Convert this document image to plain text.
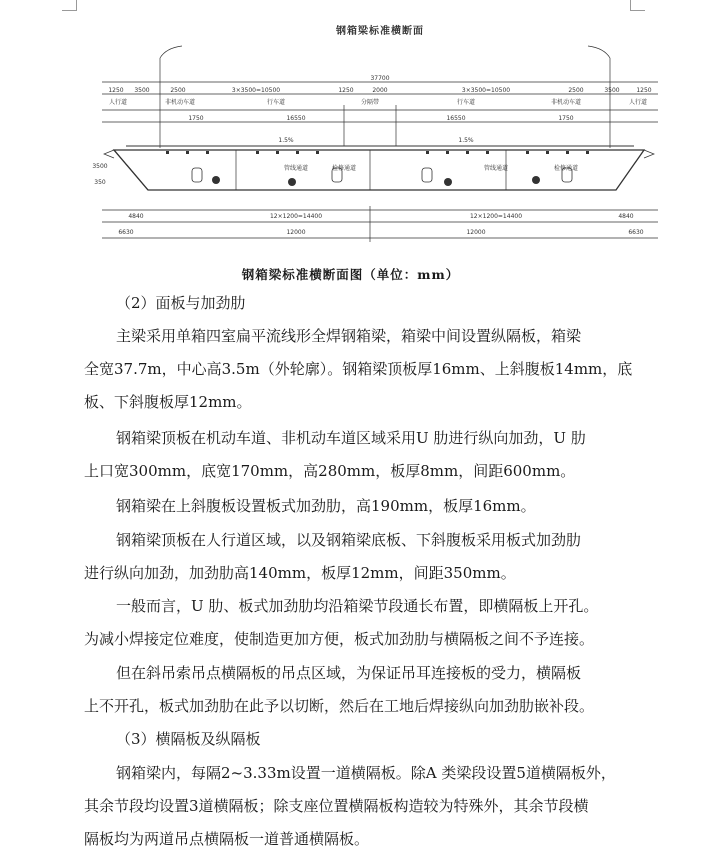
钢箱梁标准横断面
37700
1250 3500	2500	3×3500=10500	1250	2000	3×3500=10500	2500	3500	1250
人行道	非机动车道	行车道	分隔带	行车道	非机动车道	人行道
1750	16550	16550	1750
1.5%	1.5%
管线通道	检修通道	管线通道	检修通道
4840	12×1200=14400	12×1200=14400	4840
6630	12000	12000	6630
3500
350
钢箱梁标准横断面图（单位：mm）

（2）面板与加劲肋

主梁采用单箱四室扁平流线形全焊钢箱梁，箱梁中间设置纵隔板，箱梁
全宽37.7m，中心高3.5m（外轮廓）。钢箱梁顶板厚16mm、上斜腹板14mm，底
板、下斜腹板厚12mm。
钢箱梁顶板在机动车道、非机动车道区域采用U 肋进行纵向加劲，U 肋
上口宽300mm，底宽170mm，高280mm，板厚8mm，间距600mm。
钢箱梁在上斜腹板设置板式加劲肋，高190mm，板厚16mm。
钢箱梁顶板在人行道区域，以及钢箱梁底板、下斜腹板采用板式加劲肋
进行纵向加劲，加劲肋高140mm，板厚12mm，间距350mm。
一般而言，U 肋、板式加劲肋均沿箱梁节段通长布置，即横隔板上开孔。
为减小焊接定位难度，使制造更加方便，板式加劲肋与横隔板之间不予连接。
但在斜吊索吊点横隔板的吊点区域，为保证吊耳连接板的受力，横隔板
上不开孔，板式加劲肋在此予以切断，然后在工地后焊接纵向加劲肋嵌补段。

（3）横隔板及纵隔板

钢箱梁内，每隔2~3.33m设置一道横隔板。除A 类梁段设置5道横隔板外，
其余节段均设置3道横隔板；除支座位置横隔板构造较为特殊外，其余节段横
隔板均为两道吊点横隔板一道普通横隔板。
